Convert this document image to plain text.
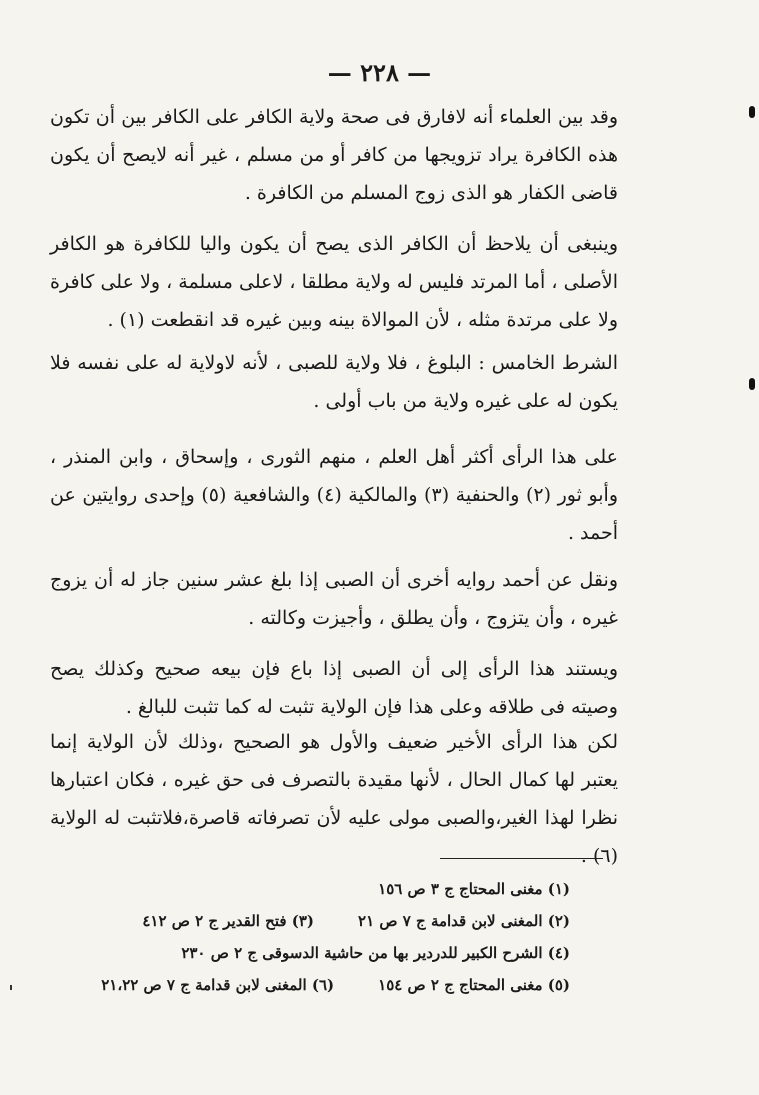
— ٢٢٨ —

وقد بين العلماء أنه لافارق فى صحة ولاية الكافر على الكافر بين أن تكون هذه الكافرة يراد تزويجها من كافر أو من مسلم ، غير أنه لايصح أن يكون قاضى الكفار هو الذى زوج المسلم من الكافرة .

وينبغى أن يلاحظ أن الكافر الذى يصح أن يكون واليا للكافرة هو الكافر الأصلى ، أما المرتد فليس له ولاية مطلقا ، لاعلى مسلمة ، ولا على كافرة ولا على مرتدة مثله ، لأن الموالاة بينه وبين غيره قد انقطعت (١) .

الشرط الخامس : البلوغ ، فلا ولاية للصبى ، لأنه لاولاية له على نفسه فلا يكون له على غيره ولاية من باب أولى .

على هذا الرأى أكثر أهل العلم ، منهم الثورى ، وإسحاق ، وابن المنذر ، وأبو ثور (٢) والحنفية (٣) والمالكية (٤) والشافعية (٥) وإحدى روايتين عن أحمد .

ونقل عن أحمد روايه أخرى أن الصبى إذا بلغ عشر سنين جاز له أن يزوج غيره ، وأن يتزوج ، وأن يطلق ، وأجيزت وكالته .

ويستند هذا الرأى إلى أن الصبى إذا باع فإن بيعه صحيح وكذلك يصح وصيته فى طلاقه وعلى هذا فإن الولاية تثبت له كما تثبت للبالغ .

لكن هذا الرأى الأخير ضعيف والأول هو الصحيح ،وذلك لأن الولاية إنما يعتبر لها كمال الحال ، لأنها مقيدة بالتصرف فى حق غيره ، فكان اعتبارها نظرا لهذا الغير،والصبى مولى عليه لأن تصرفاته قاصرة،فلاتثبت له الولاية (٦) .

(١) مغنى المحتاج ج ٣ ص ١٥٦
(٢) المغنى لابن قدامة ج ٧ ص ٢١
(٣) فتح القدير ج ٢ ص ٤١٢
(٤) الشرح الكبير للدردير بها من حاشية الدسوقى ج ٢ ص ٢٣٠
(٥) مغنى المحتاج ج ٢ ص ١٥٤
(٦) المغنى لابن قدامة ج ٧ ص ٢١،٢٢
